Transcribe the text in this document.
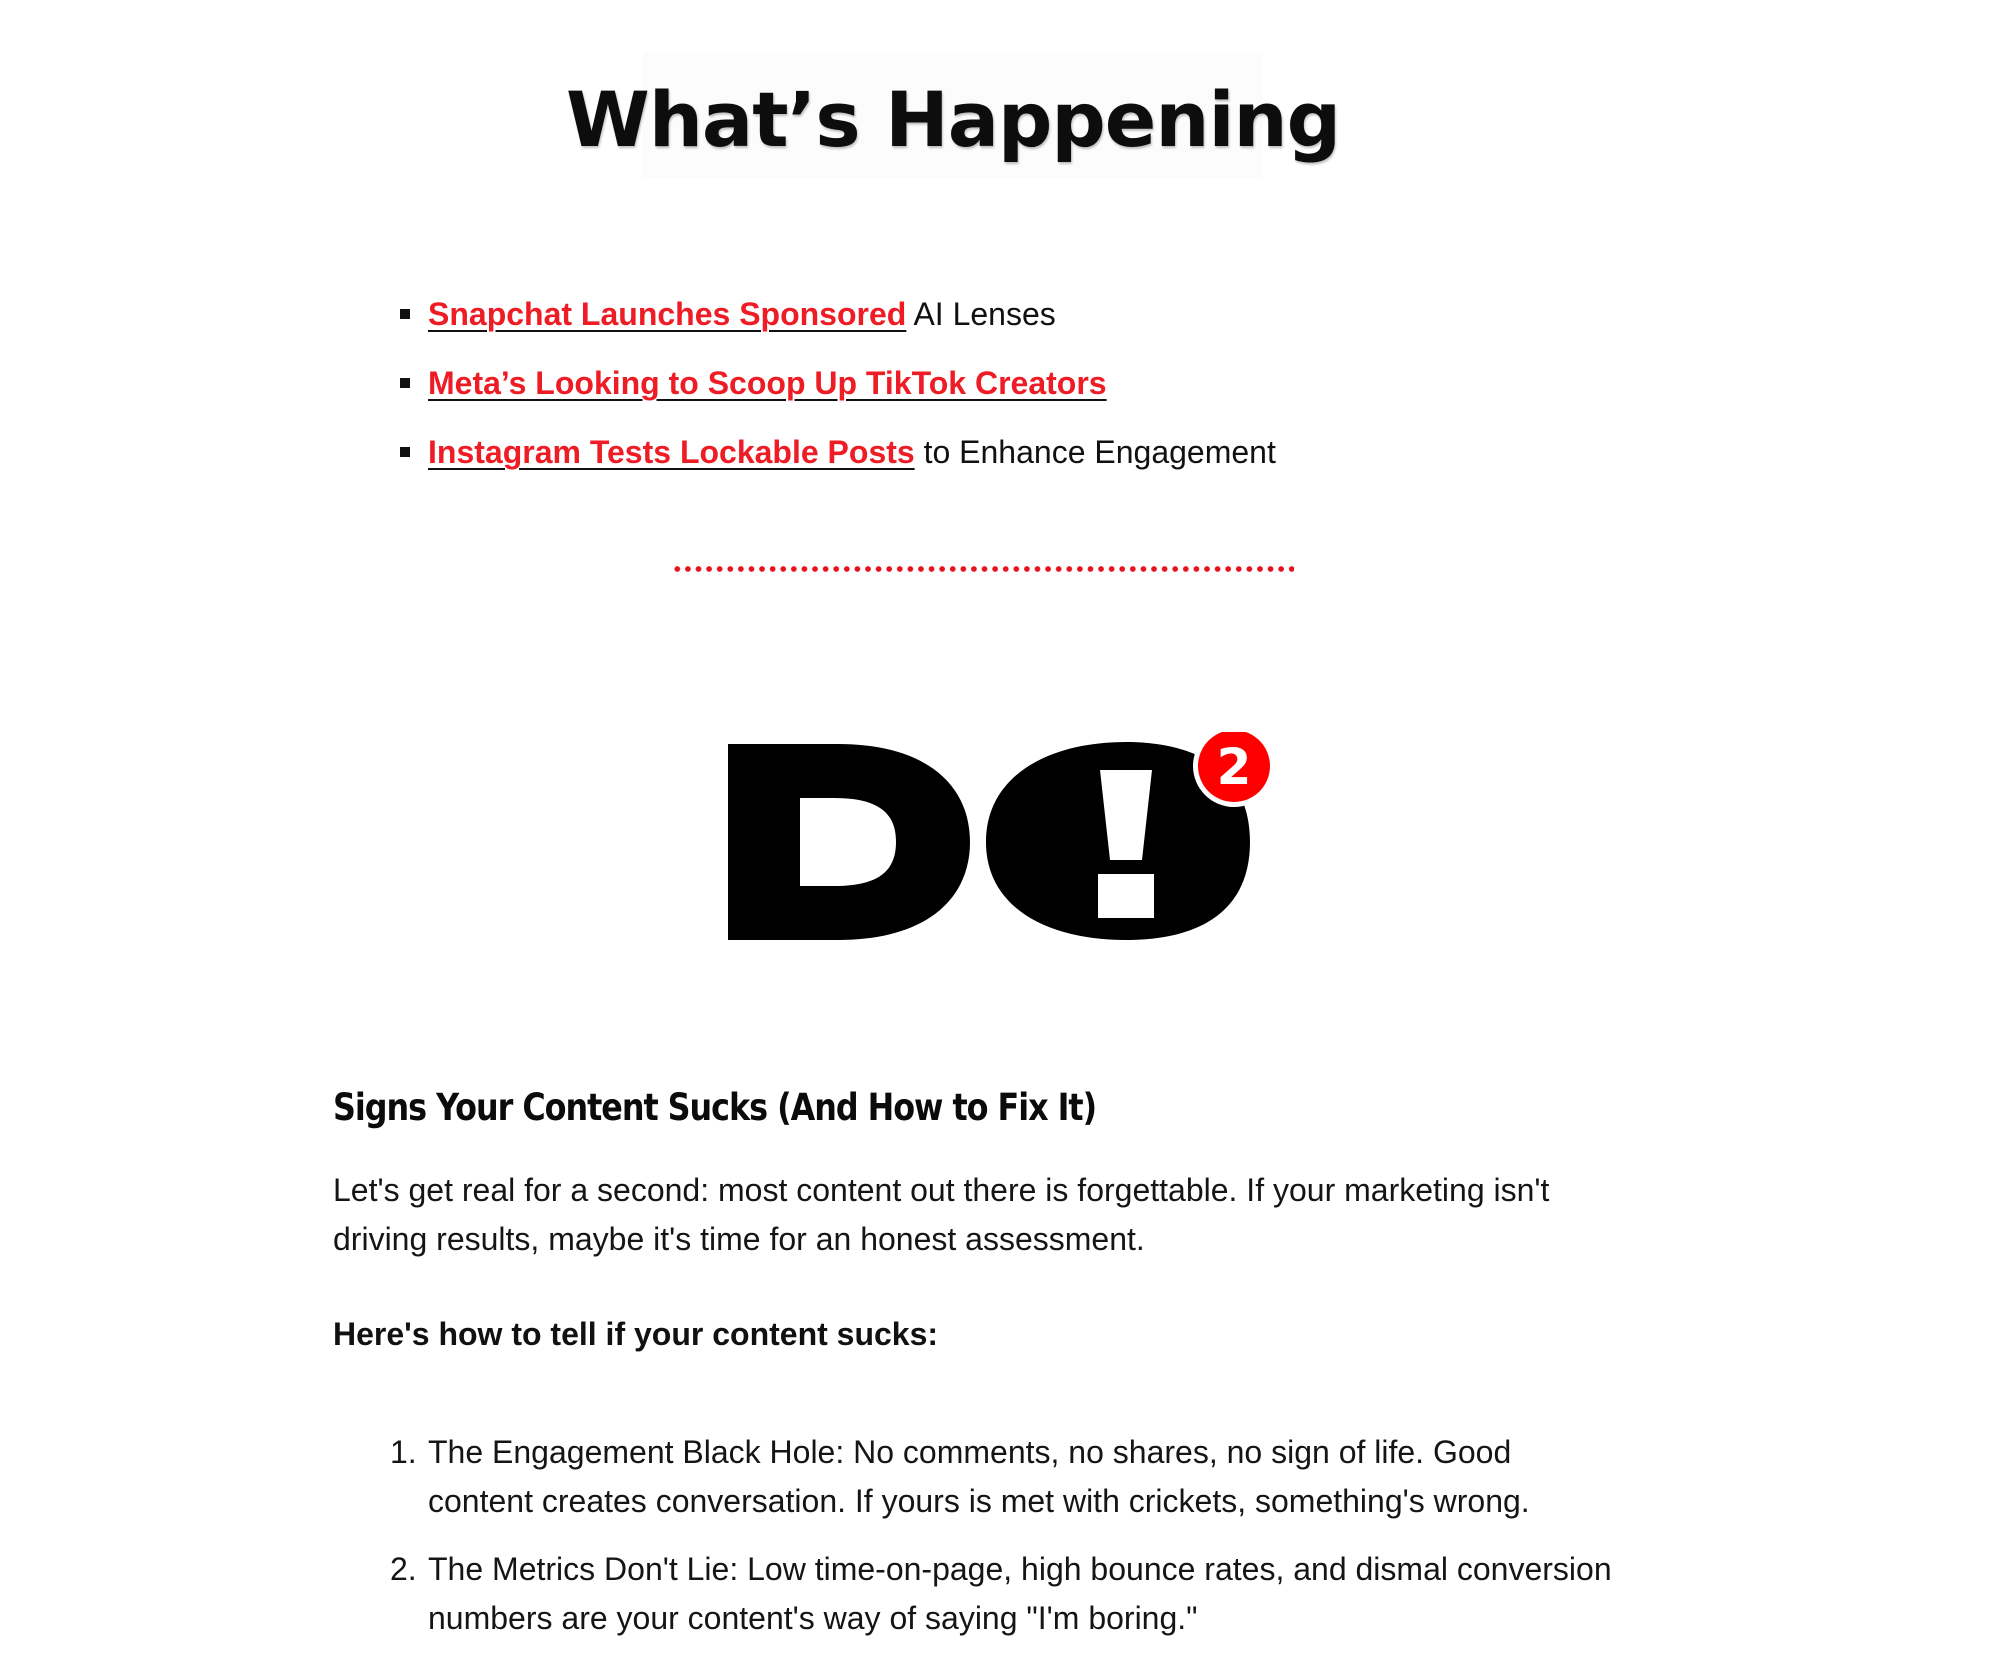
What’s Happening
Snapchat Launches Sponsored AI Lenses
Meta’s Looking to Scoop Up TikTok Creators
Instagram Tests Lockable Posts to Enhance Engagement
2
Signs Your Content Sucks (And How to Fix It)

Let's get real for a second: most content out there is forgettable. If your marketing isn't driving results, maybe it's time for an honest assessment.

Here's how to tell if your content sucks:

1. The Engagement Black Hole: No comments, no shares, no sign of life. Good content creates conversation. If yours is met with crickets, something's wrong.
2. The Metrics Don't Lie: Low time-on-page, high bounce rates, and dismal conversion numbers are your content's way of saying "I'm boring."
